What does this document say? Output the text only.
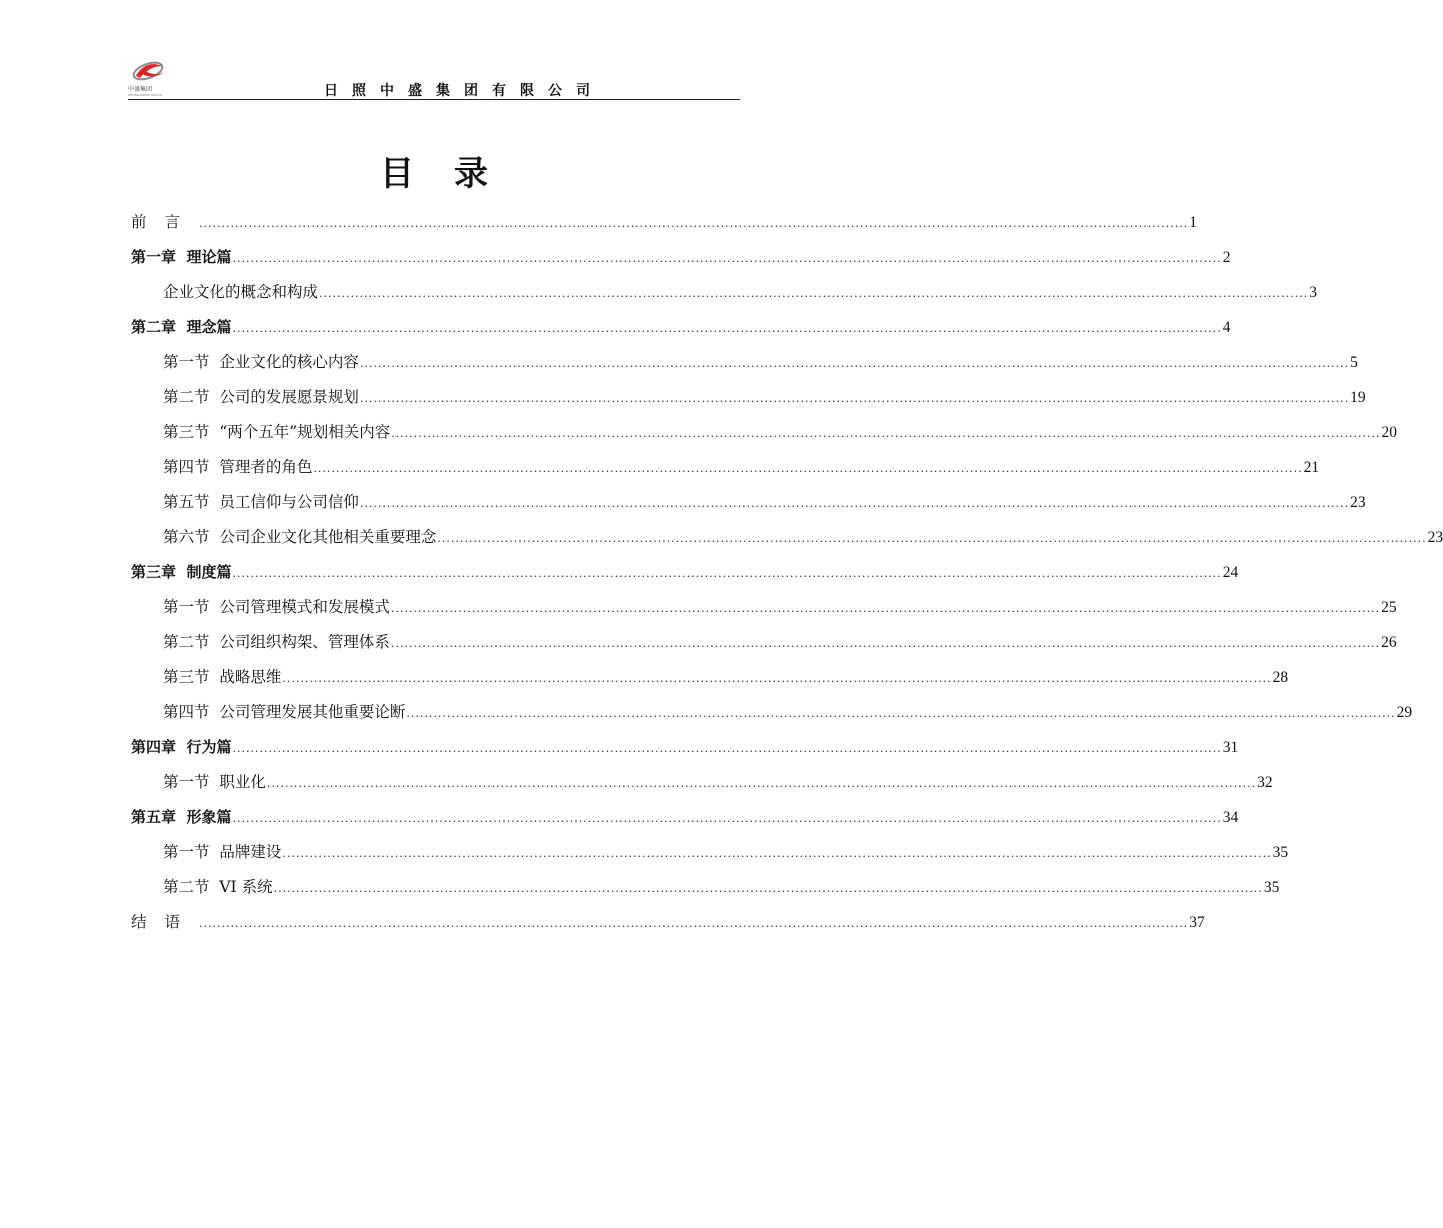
中盛集团
ZHONGSHENG GROUP	日照中盛集团有限公司
目录
前言 ............................................................................................................................................................................................................................ 1
第一章  理论篇 ............................................................................................................................................................................................................................ 2
企业文化的概念和构成 ............................................................................................................................................................................................................................ 3
第二章  理念篇 ............................................................................................................................................................................................................................ 4
第一节  企业文化的核心内容 ............................................................................................................................................................................................................................ 5
第二节  公司的发展愿景规划 ............................................................................................................................................................................................................................ 19
第三节  “两个五年”规划相关内容 ............................................................................................................................................................................................................................ 20
第四节  管理者的角色 ............................................................................................................................................................................................................................ 21
第五节  员工信仰与公司信仰 ............................................................................................................................................................................................................................ 23
第六节  公司企业文化其他相关重要理念 ............................................................................................................................................................................................................................ 23
第三章  制度篇 ............................................................................................................................................................................................................................ 24
第一节  公司管理模式和发展模式 ............................................................................................................................................................................................................................ 25
第二节  公司组织构架、管理体系 ............................................................................................................................................................................................................................ 26
第三节  战略思维 ............................................................................................................................................................................................................................ 28
第四节  公司管理发展其他重要论断 ............................................................................................................................................................................................................................ 29
第四章  行为篇 ............................................................................................................................................................................................................................ 31
第一节  职业化 ............................................................................................................................................................................................................................ 32
第五章  形象篇 ............................................................................................................................................................................................................................ 34
第一节  品牌建设 ............................................................................................................................................................................................................................ 35
第二节  VI 系统 ............................................................................................................................................................................................................................ 35
结语 ............................................................................................................................................................................................................................ 37
